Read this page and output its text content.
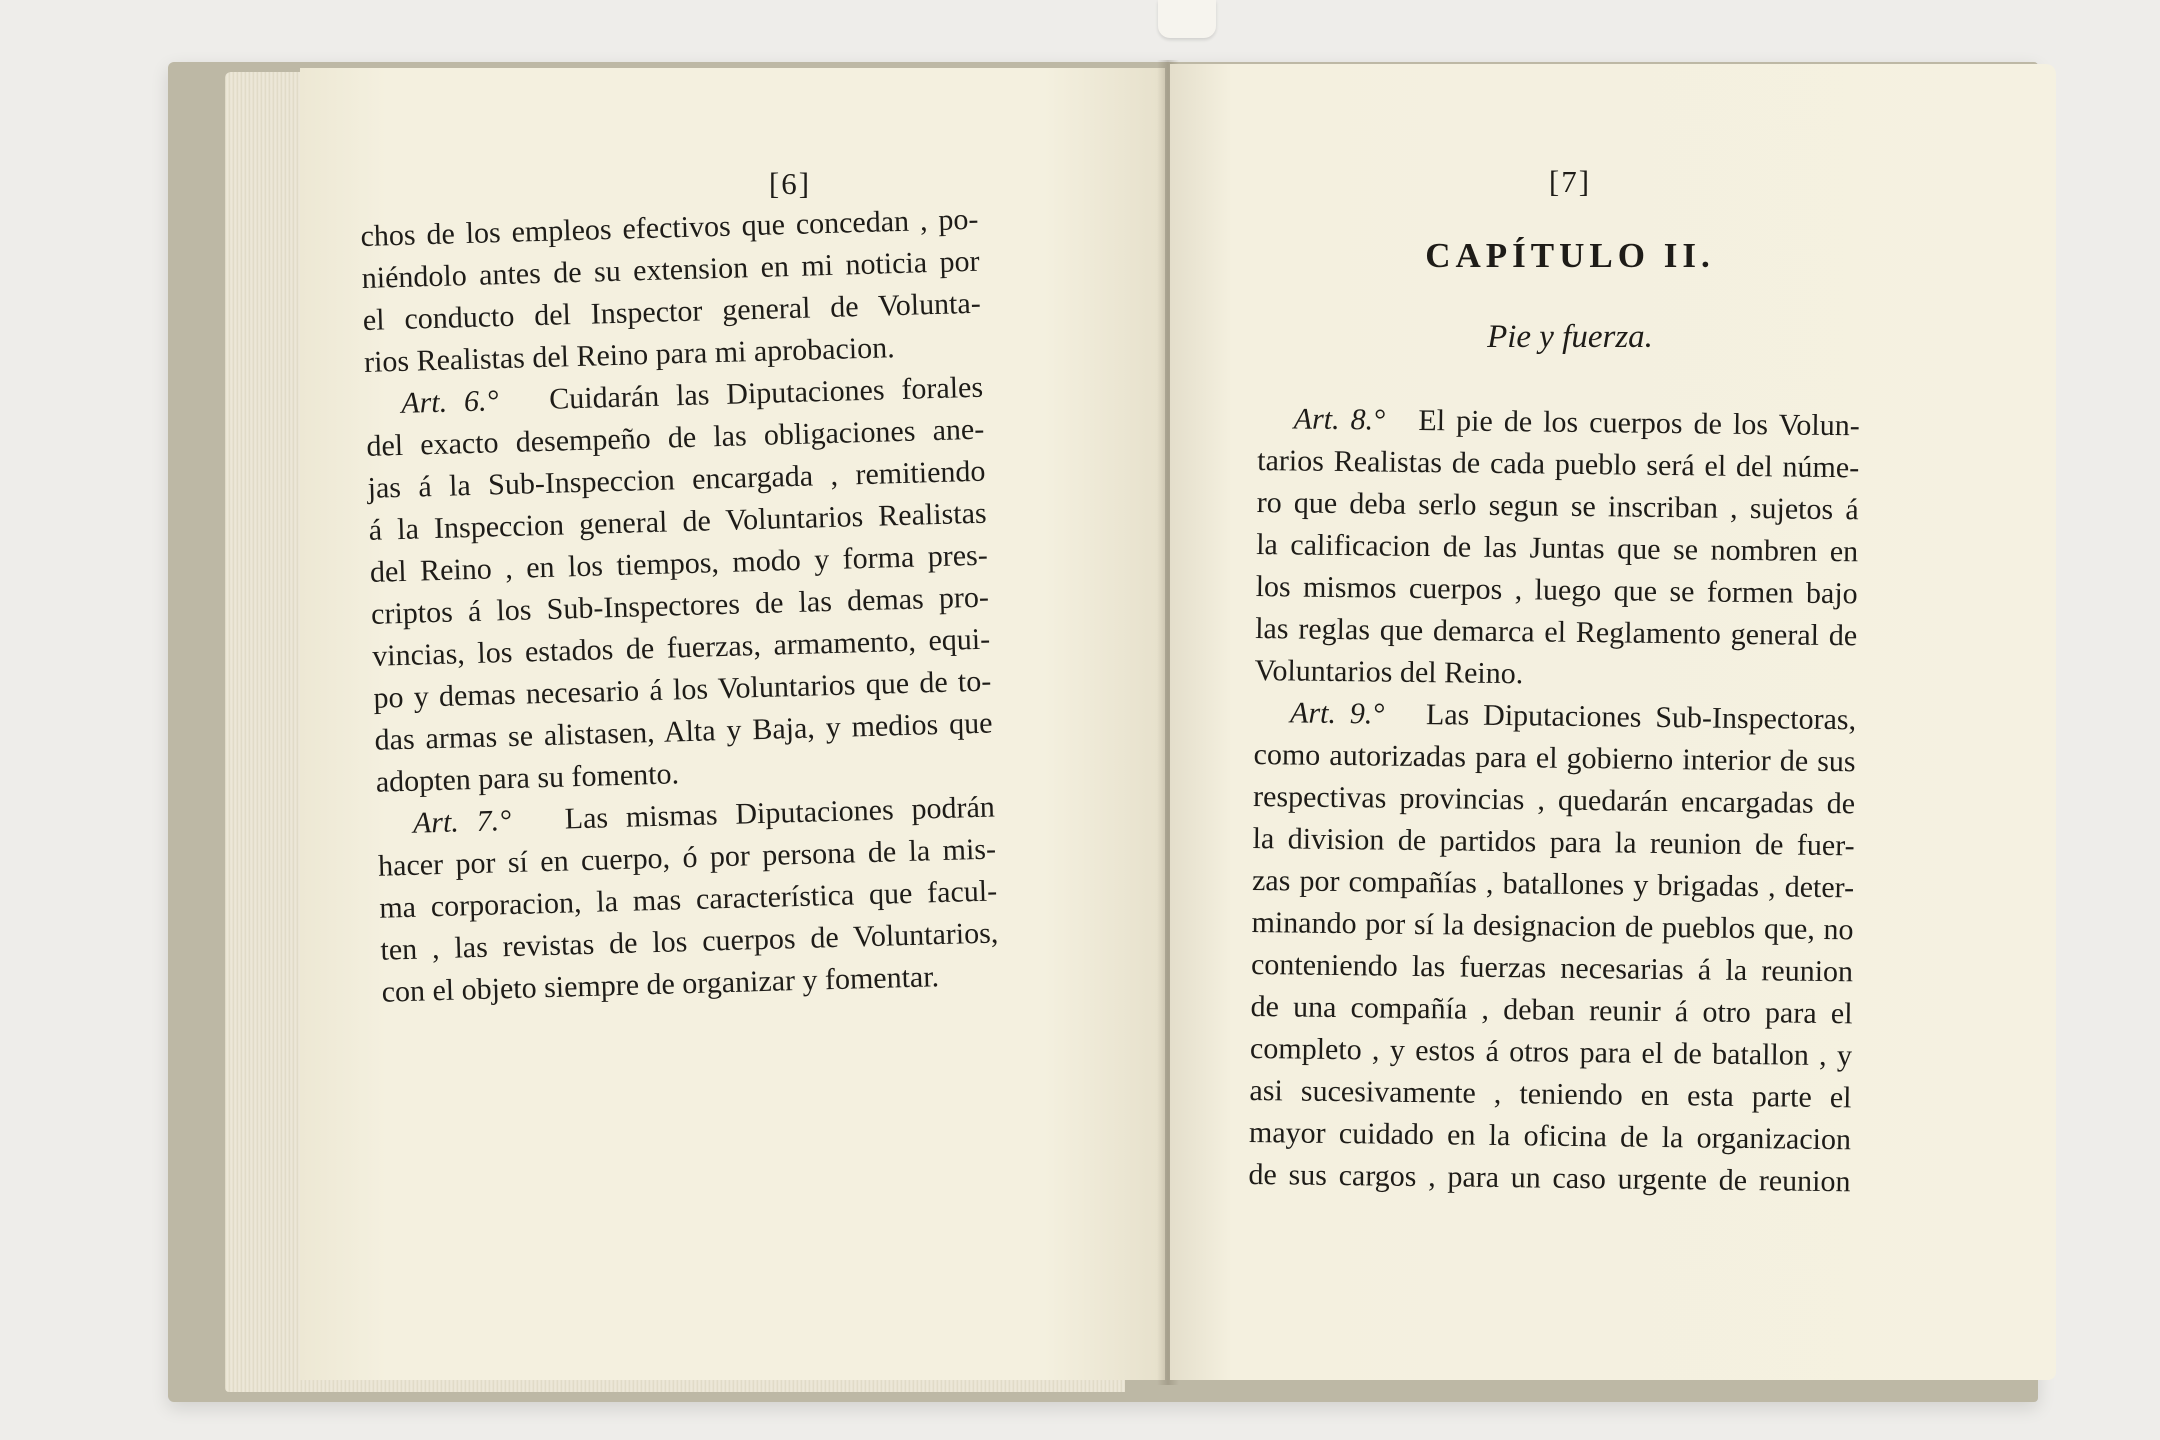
[6]
chos de los empleos efectivos que concedan , po-
niéndolo antes de su extension en mi noticia por
el conducto del Inspector general de Volunta-
rios Realistas del Reino para mi aprobacion.
Art. 6.° Cuidarán las Diputaciones forales
del exacto desempeño de las obligaciones ane-
jas á la Sub-Inspeccion encargada , remitiendo
á la Inspeccion general de Voluntarios Realistas
del Reino , en los tiempos, modo y forma pres-
criptos á los Sub-Inspectores de las demas pro-
vincias, los estados de fuerzas, armamento, equi-
po y demas necesario á los Voluntarios que de to-
das armas se alistasen, Alta y Baja, y medios que
adopten para su fomento.
Art. 7.° Las mismas Diputaciones podrán
hacer por sí en cuerpo, ó por persona de la mis-
ma corporacion, la mas característica que facul-
ten , las revistas de los cuerpos de Voluntarios,
con el objeto siempre de organizar y fomentar.
[7]
CAPÍTULO II.
Pie y fuerza.
Art. 8.° El pie de los cuerpos de los Volun-
tarios Realistas de cada pueblo será el del núme-
ro que deba serlo segun se inscriban , sujetos á
la calificacion de las Juntas que se nombren en
los mismos cuerpos , luego que se formen bajo
las reglas que demarca el Reglamento general de
Voluntarios del Reino.
Art. 9.° Las Diputaciones Sub-Inspectoras,
como autorizadas para el gobierno interior de sus
respectivas provincias , quedarán encargadas de
la division de partidos para la reunion de fuer-
zas por compañías , batallones y brigadas , deter-
minando por sí la designacion de pueblos que, no
conteniendo las fuerzas necesarias á la reunion
de una compañía , deban reunir á otro para el
completo , y estos á otros para el de batallon , y
asi sucesivamente , teniendo en esta parte el
mayor cuidado en la oficina de la organizacion
de sus cargos , para un caso urgente de reunion
